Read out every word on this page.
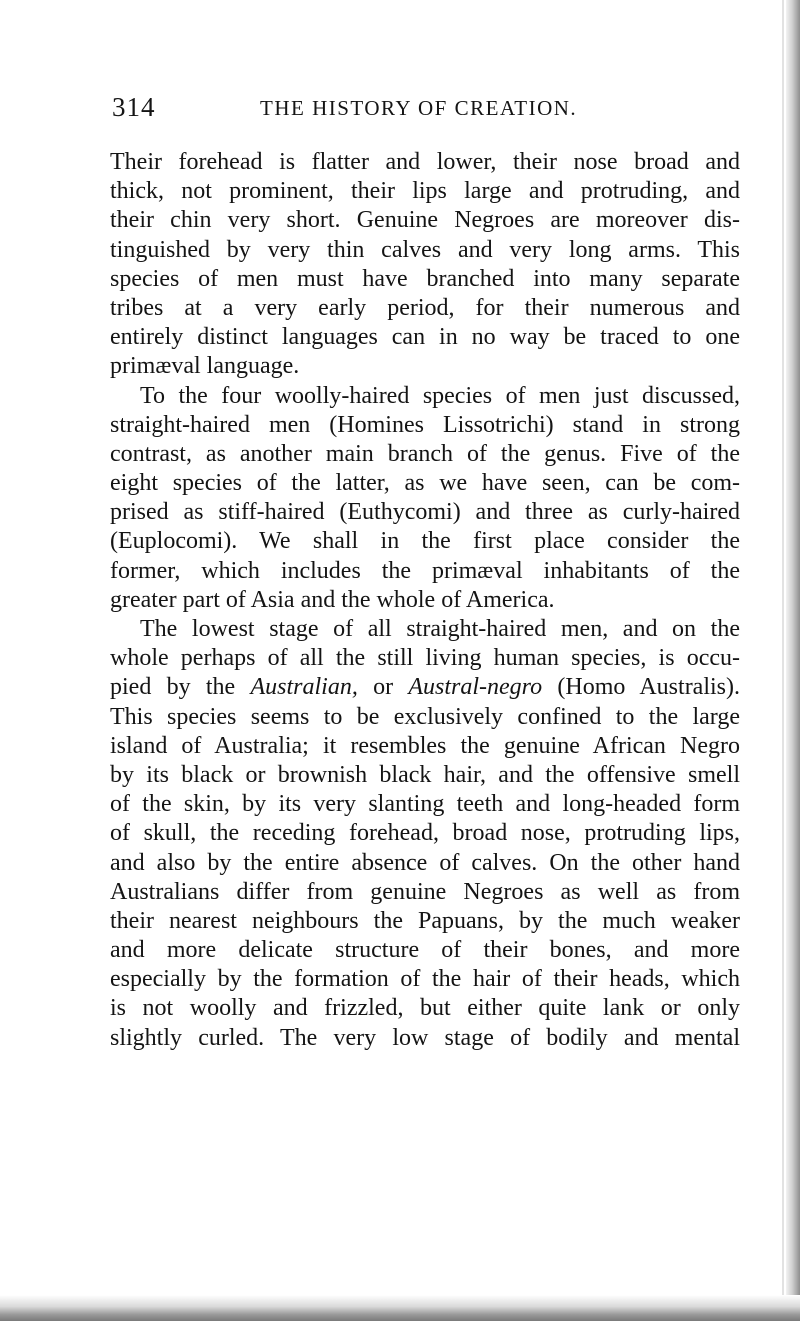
314	THE HISTORY OF CREATION.
Their forehead is flatter and lower, their nose broad and
thick, not prominent, their lips large and protruding, and
their chin very short. Genuine Negroes are moreover dis-
tinguished by very thin calves and very long arms. This
species of men must have branched into many separate
tribes at a very early period, for their numerous and
entirely distinct languages can in no way be traced to one
primæval language.
To the four woolly-haired species of men just discussed,
straight-haired men (Homines Lissotrichi) stand in strong
contrast, as another main branch of the genus. Five of the
eight species of the latter, as we have seen, can be com-
prised as stiff-haired (Euthycomi) and three as curly-haired
(Euplocomi). We shall in the first place consider the
former, which includes the primæval inhabitants of the
greater part of Asia and the whole of America.
The lowest stage of all straight-haired men, and on the
whole perhaps of all the still living human species, is occu-
pied by the Australian, or Austral-negro (Homo Australis).
This species seems to be exclusively confined to the large
island of Australia; it resembles the genuine African Negro
by its black or brownish black hair, and the offensive smell
of the skin, by its very slanting teeth and long-headed form
of skull, the receding forehead, broad nose, protruding lips,
and also by the entire absence of calves. On the other hand
Australians differ from genuine Negroes as well as from
their nearest neighbours the Papuans, by the much weaker
and more delicate structure of their bones, and more
especially by the formation of the hair of their heads, which
is not woolly and frizzled, but either quite lank or only
slightly curled. The very low stage of bodily and mental
